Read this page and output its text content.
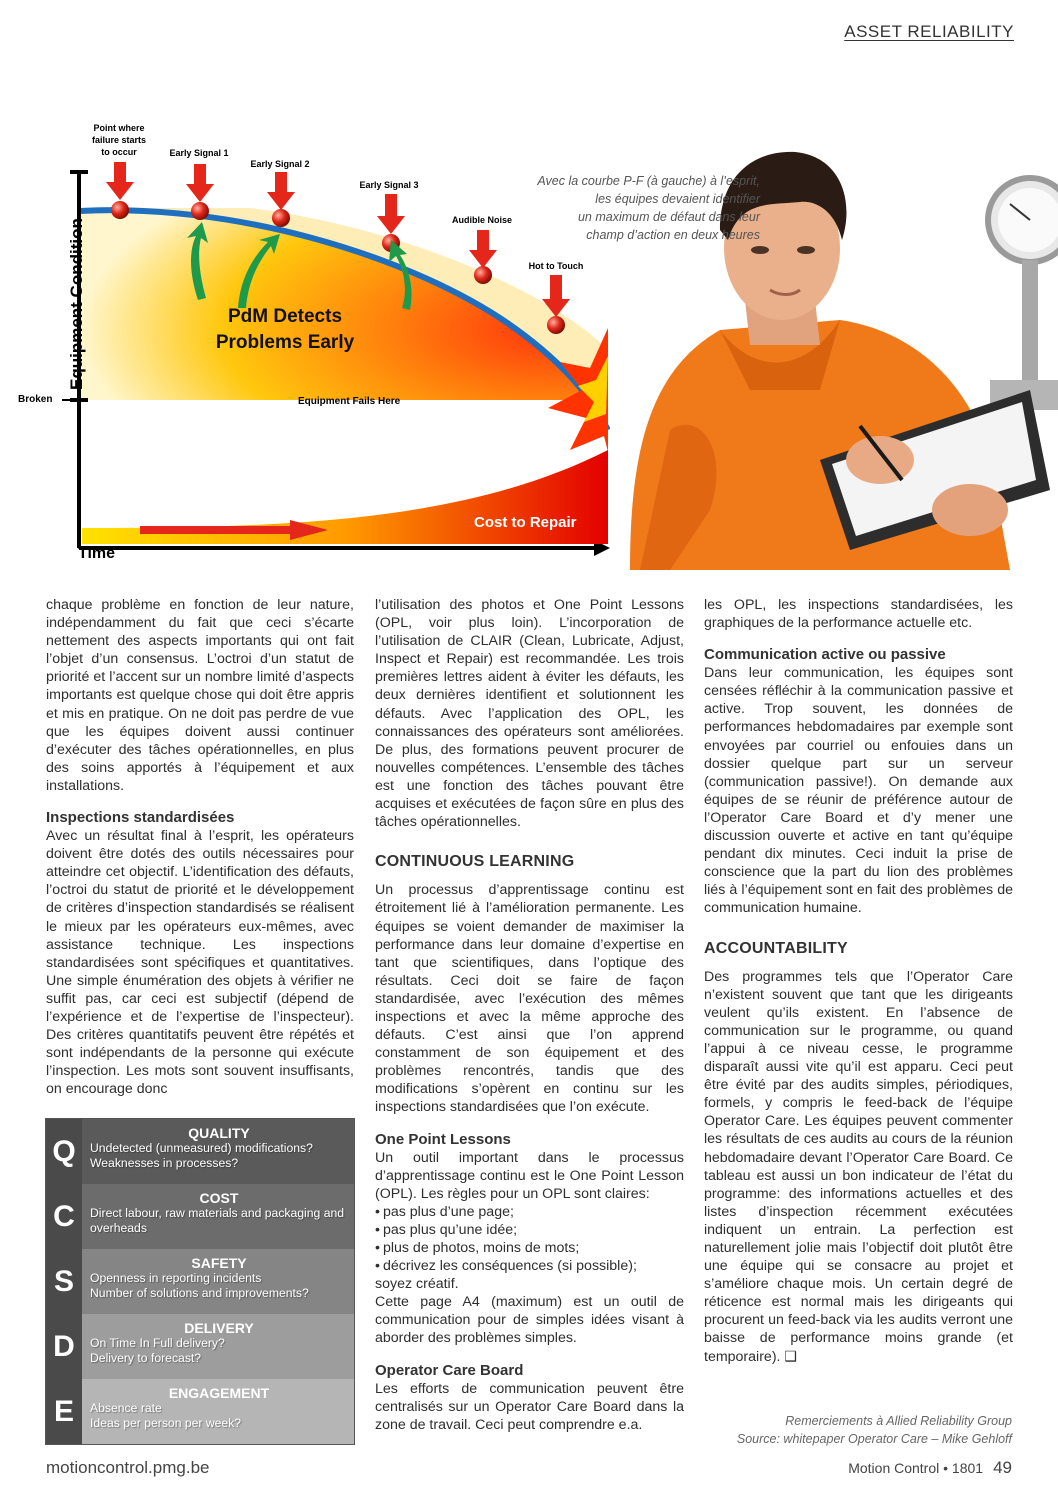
ASSET RELIABILITY
Equipment Condition
Broken
Time
Point where
failure starts
to occur	Early Signal 1
Early Signal 2
Early Signal 3
Audible Noise
Hot to Touch
PdM Detects
Problems Early
Equipment Fails Here
Cost to Repair
Avec la courbe P-F (à gauche) à l’esprit,
les équipes devaient identifier
un maximum de défaut dans leur
champ d’action en deux heures

chaque problème en fonction de leur nature, indépendamment du fait que ceci s’écarte nettement des aspects importants qui ont fait l’objet d’un consensus. L’octroi d’un statut de priorité et l’accent sur un nombre limité d’aspects importants est quelque chose qui doit être appris et mis en pratique. On ne doit pas perdre de vue que les équipes doivent aussi continuer d’exécuter des tâches opérationnelles, en plus des soins apportés à l’équipement et aux installations.

Inspections standardisées

Avec un résultat final à l’esprit, les opérateurs doivent être dotés des outils nécessaires pour atteindre cet objectif. L’identification des défauts, l’octroi du statut de priorité et le développement de critères d’inspection standardisés se réalisent le mieux par les opérateurs eux-mêmes, avec assistance technique. Les inspections standardisées sont spécifiques et quantitatives. Une simple énumération des objets à vérifier ne suffit pas, car ceci est subjectif (dépend de l’expérience et de l’expertise de l’inspecteur). Des critères quantitatifs peuvent être répétés et sont indépendants de la personne qui exécute l’inspection. Les mots sont souvent insuffisants, on encourage donc

Q
QUALITY
Undetected (unmeasured) modifications?
Weaknesses in processes?
C
COST
Direct labour, raw materials and packaging and overheads
S
SAFETY
Openness in reporting incidents
Number of solutions and improvements?
D
DELIVERY
On Time In Full delivery?
Delivery to forecast?
E
ENGAGEMENT
Absence rate
Ideas per person per week?

l’utilisation des photos et One Point Lessons (OPL, voir plus loin). L’incorporation de l’utilisation de CLAIR (Clean, Lubricate, Adjust, Inspect et Repair) est recommandée. Les trois premières lettres aident à éviter les défauts, les deux dernières identifient et solutionnent les défauts. Avec l’application des OPL, les connaissances des opérateurs sont améliorées. De plus, des formations peuvent procurer de nouvelles compétences. L’ensemble des tâches est une fonction des tâches pouvant être acquises et exécutées de façon sûre en plus des tâches opérationnelles.

CONTINUOUS LEARNING

Un processus d’apprentissage continu est étroitement lié à l’amélioration permanente. Les équipes se voient demander de maximiser la performance dans leur domaine d’expertise en tant que scientifiques, dans l’optique des résultats. Ceci doit se faire de façon standardisée, avec l’exécution des mêmes inspections et avec la même approche des défauts. C’est ainsi que l’on apprend constamment de son équipement et des problèmes rencontrés, tandis que des modifications s’opèrent en continu sur les inspections standardisées que l’on exécute.

One Point Lessons

Un outil important dans le processus d’apprentissage continu est le One Point Lesson (OPL). Les règles pour un OPL sont claires:

• pas plus d’une page;
• pas plus qu’une idée;
• plus de photos, moins de mots;
• décrivez les conséquences (si possible);

soyez créatif.

Cette page A4 (maximum) est un outil de communication pour de simples idées visant à aborder des problèmes simples.

Operator Care Board

Les efforts de communication peuvent être centralisés sur un Operator Care Board dans la zone de travail. Ceci peut comprendre e.a.

les OPL, les inspections standardisées, les graphiques de la performance actuelle etc.

Communication active ou passive

Dans leur communication, les équipes sont censées réfléchir à la communication passive et active. Trop souvent, les données de performances hebdomadaires par exemple sont envoyées par courriel ou enfouies dans un dossier quelque part sur un serveur (communication passive!). On demande aux équipes de se réunir de préférence autour de l’Operator Care Board et d’y mener une discussion ouverte et active en tant qu’équipe pendant dix minutes. Ceci induit la prise de conscience que la part du lion des problèmes liés à l’équipement sont en fait des problèmes de communication humaine.

ACCOUNTABILITY

Des programmes tels que l’Operator Care n’existent souvent que tant que les dirigeants veulent qu’ils existent. En l’absence de communication sur le programme, ou quand l’appui à ce niveau cesse, le programme disparaît aussi vite qu’il est apparu. Ceci peut être évité par des audits simples, périodiques, formels, y compris le feed-back de l’équipe Operator Care. Les équipes peuvent commenter les résultats de ces audits au cours de la réunion hebdomadaire devant l’Operator Care Board. Ce tableau est aussi un bon indicateur de l’état du programme: des informations actuelles et des listes d’inspection récemment exécutées indiquent un entrain. La perfection est naturellement jolie mais l’objectif doit plutôt être une équipe qui se consacre au projet et s’améliore chaque mois. Un certain degré de réticence est normal mais les dirigeants qui procurent un feed-back via les audits verront une baisse de performance moins grande (et temporaire). ❑

Remerciements à Allied Reliability Group
Source: whitepaper Operator Care – Mike Gehloff
motioncontrol.pmg.be	Motion Control • 1801 49
